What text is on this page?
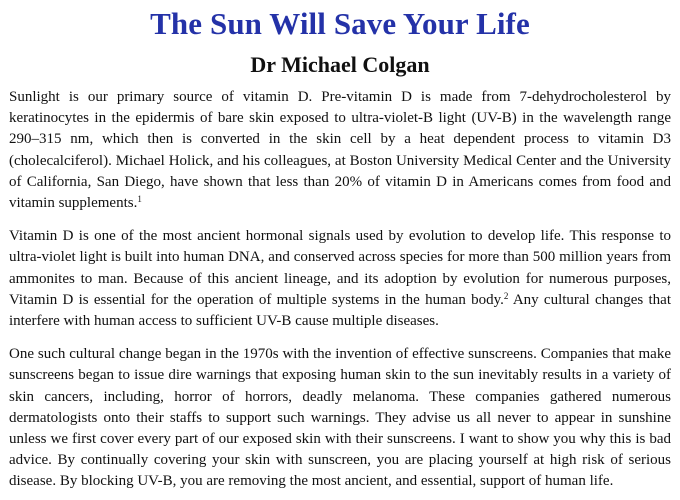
The Sun Will Save Your Life
Dr Michael Colgan

Sunlight is our primary source of vitamin D. Pre-vitamin D is made from 7-dehydrocholesterol by keratinocytes in the epidermis of bare skin exposed to ultra-violet-B light (UV-B) in the wavelength range 290–315 nm, which then is converted in the skin cell by a heat dependent process to vitamin D3 (cholecalciferol). Michael Holick, and his colleagues, at Boston University Medical Center and the University of California, San Diego, have shown that less than 20% of vitamin D in Americans comes from food and vitamin supplements.$^1$

Vitamin D is one of the most ancient hormonal signals used by evolution to develop life. This response to ultra-violet light is built into human DNA, and conserved across species for more than 500 million years from ammonites to man. Because of this ancient lineage, and its adoption by evolution for numerous purposes, Vitamin D is essential for the operation of multiple systems in the human body.$^2$ Any cultural changes that interfere with human access to sufficient UV-B cause multiple diseases.

One such cultural change began in the 1970s with the invention of effective sunscreens. Companies that make sunscreens began to issue dire warnings that exposing human skin to the sun inevitably results in a variety of skin cancers, including, horror of horrors, deadly melanoma. These companies gathered numerous dermatologists onto their staffs to support such warnings. They advise us all never to appear in sunshine unless we first cover every part of our exposed skin with their sunscreens. I want to show you why this is bad advice. By continually covering your skin with sunscreen, you are placing yourself at high risk of serious disease. By blocking UV-B, you are removing the most ancient, and essential, support of human life.
